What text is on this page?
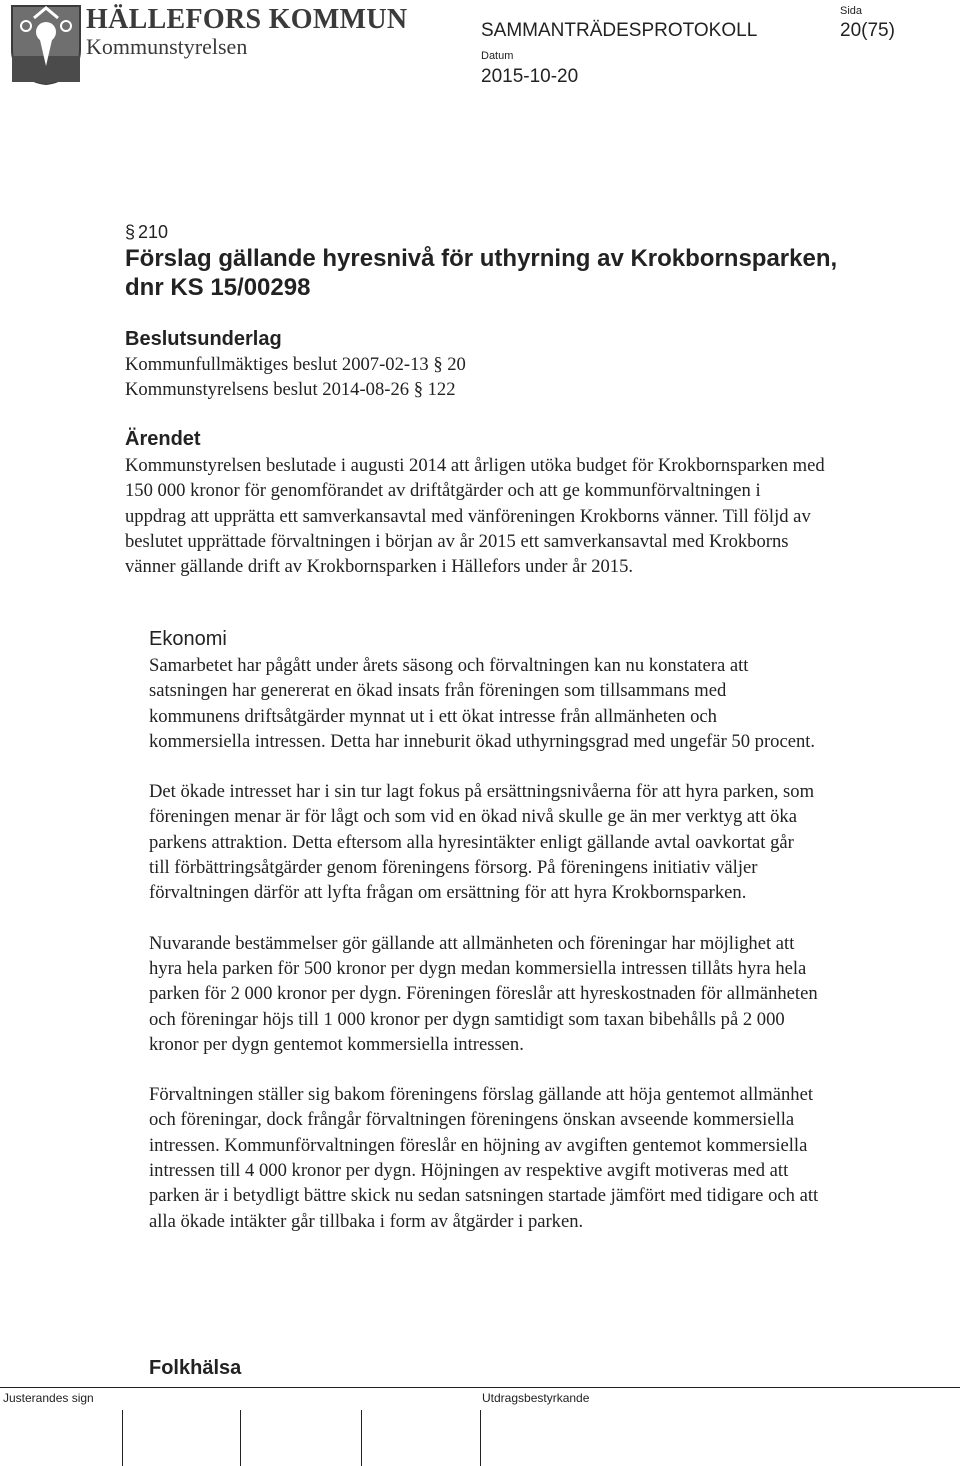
HÄLLEFORS KOMMUN
Kommunstyrelsen
SAMMANTRÄDESPROTOKOLL
Datum
2015-10-20
Sida
20(75)
§ 210
Förslag gällande hyresnivå för uthyrning av Krokbornsparken, dnr KS 15/00298
Beslutsunderlag
Kommunfullmäktiges beslut 2007-02-13 § 20
Kommunstyrelsens beslut 2014-08-26 § 122
Ärendet
Kommunstyrelsen beslutade i augusti 2014 att årligen utöka budget för Krokbornsparken med 150 000 kronor för genomförandet av driftåtgärder och att ge kommunförvaltningen i uppdrag att upprätta ett samverkansavtal med vänföreningen Krokborns vänner. Till följd av beslutet upprättade förvaltningen i början av år 2015 ett samverkansavtal med Krokborns vänner gällande drift av Krokbornsparken i Hällefors under år 2015.
Ekonomi

Samarbetet har pågått under årets säsong och förvaltningen kan nu konstatera att satsningen har genererat en ökad insats från föreningen som tillsammans med kommunens driftsåtgärder mynnat ut i ett ökat intresse från allmänheten och kommersiella intressen. Detta har inneburit ökad uthyrningsgrad med ungefär 50 procent.

Det ökade intresset har i sin tur lagt fokus på ersättningsnivåerna för att hyra parken, som föreningen menar är för lågt och som vid en ökad nivå skulle ge än mer verktyg att öka parkens attraktion. Detta eftersom alla hyresintäkter enligt gällande avtal oavkortat går till förbättringsåtgärder genom föreningens försorg. På föreningens initiativ väljer förvaltningen därför att lyfta frågan om ersättning för att hyra Krokbornsparken.

Nuvarande bestämmelser gör gällande att allmänheten och föreningar har möjlighet att hyra hela parken för 500 kronor per dygn medan kommersiella intressen tillåts hyra hela parken för 2 000 kronor per dygn. Föreningen föreslår att hyreskostnaden för allmänheten och föreningar höjs till 1 000 kronor per dygn samtidigt som taxan bibehålls på 2 000 kronor per dygn gentemot kommersiella intressen.

Förvaltningen ställer sig bakom föreningens förslag gällande att höja gentemot allmänhet och föreningar, dock frångår förvaltningen föreningens önskan avseende kommersiella intressen. Kommunförvaltningen föreslår en höjning av avgiften gentemot kommersiella intressen till 4 000 kronor per dygn. Höjningen av respektive avgift motiveras med att parken är i betydligt bättre skick nu sedan satsningen startade jämfört med tidigare och att alla ökade intäkter går tillbaka i form av åtgärder i parken.

Folkhälsa
Justerandes sign	Utdragsbestyrkande
